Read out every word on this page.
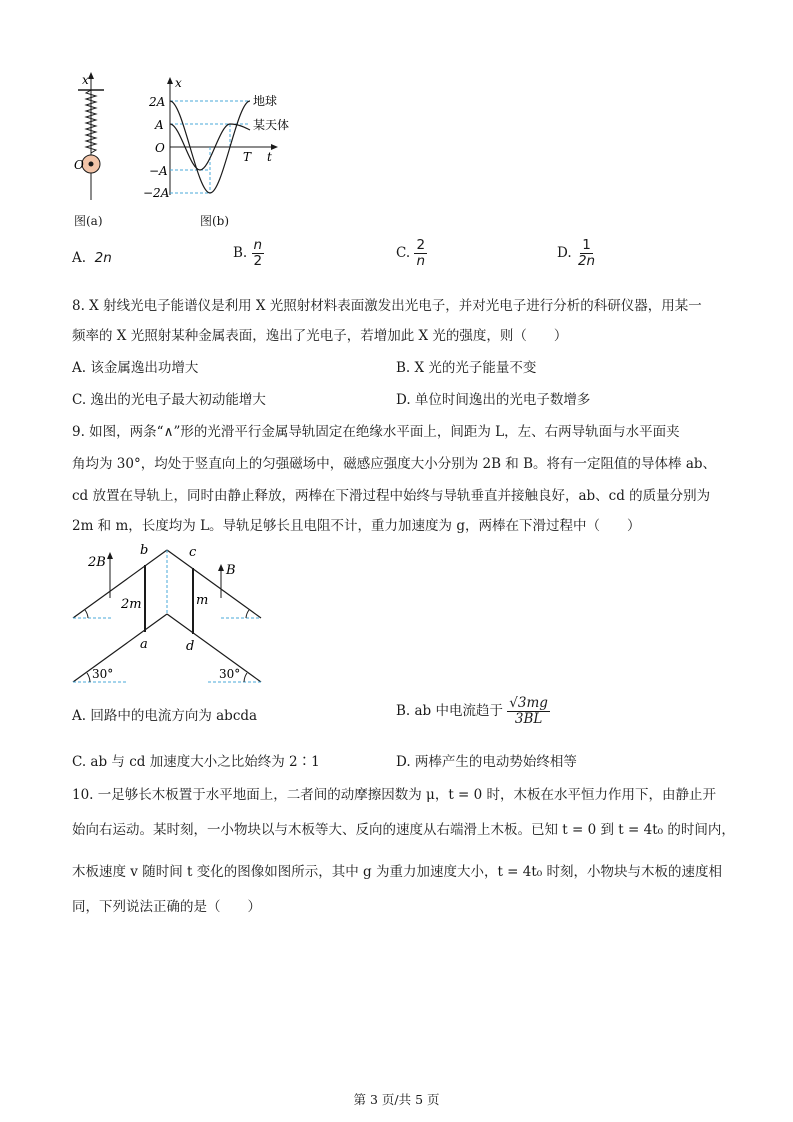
O
x
图(a)
2A
A
O
−A
−2A
x
T t
地球
某天体
图(b)
A. 2n	B. $\frac{n}{2}$	C. $\frac{2}{n}$	D. $\frac{1}{2n}$
8. X 射线光电子能谱仪是利用 X 光照射材料表面激发出光电子，并对光电子进行分析的科研仪器，用某一
频率的 X 光照射某种金属表面，逸出了光电子，若增加此 X 光的强度，则（　　）
A. 该金属逸出功增大	B. X 光的光子能量不变
C. 逸出的光电子最大初动能增大	D. 单位时间逸出的光电子数增多
9. 如图，两条“∧”形的光滑平行金属导轨固定在绝缘水平面上，间距为 L，左、右两导轨面与水平面夹
角均为 30°，均处于竖直向上的匀强磁场中，磁感应强度大小分别为 2B 和 B。将有一定阻值的导体棒 ab、
cd 放置在导轨上，同时由静止释放，两棒在下滑过程中始终与导轨垂直并接触良好，ab、cd 的质量分别为
2m 和 m，长度均为 L。导轨足够长且电阻不计，重力加速度为 g，两棒在下滑过程中（　　）
2B
B
b	c
a	d
2m	m
30°	30°
A. 回路中的电流方向为 abcda	B. ab 中电流趋于 $\frac{√3mg}{3BL}$
C. ab 与 cd 加速度大小之比始终为 2∶1	D. 两棒产生的电动势始终相等
10. 一足够长木板置于水平地面上，二者间的动摩擦因数为 μ，t = 0 时，木板在水平恒力作用下，由静止开
始向右运动。某时刻，一小物块以与木板等大、反向的速度从右端滑上木板。已知 t = 0 到 t = 4t₀ 的时间内，
木板速度 v 随时间 t 变化的图像如图所示，其中 g 为重力加速度大小，t = 4t₀ 时刻，小物块与木板的速度相
同，下列说法正确的是（　　）
第 3 页/共 5 页
